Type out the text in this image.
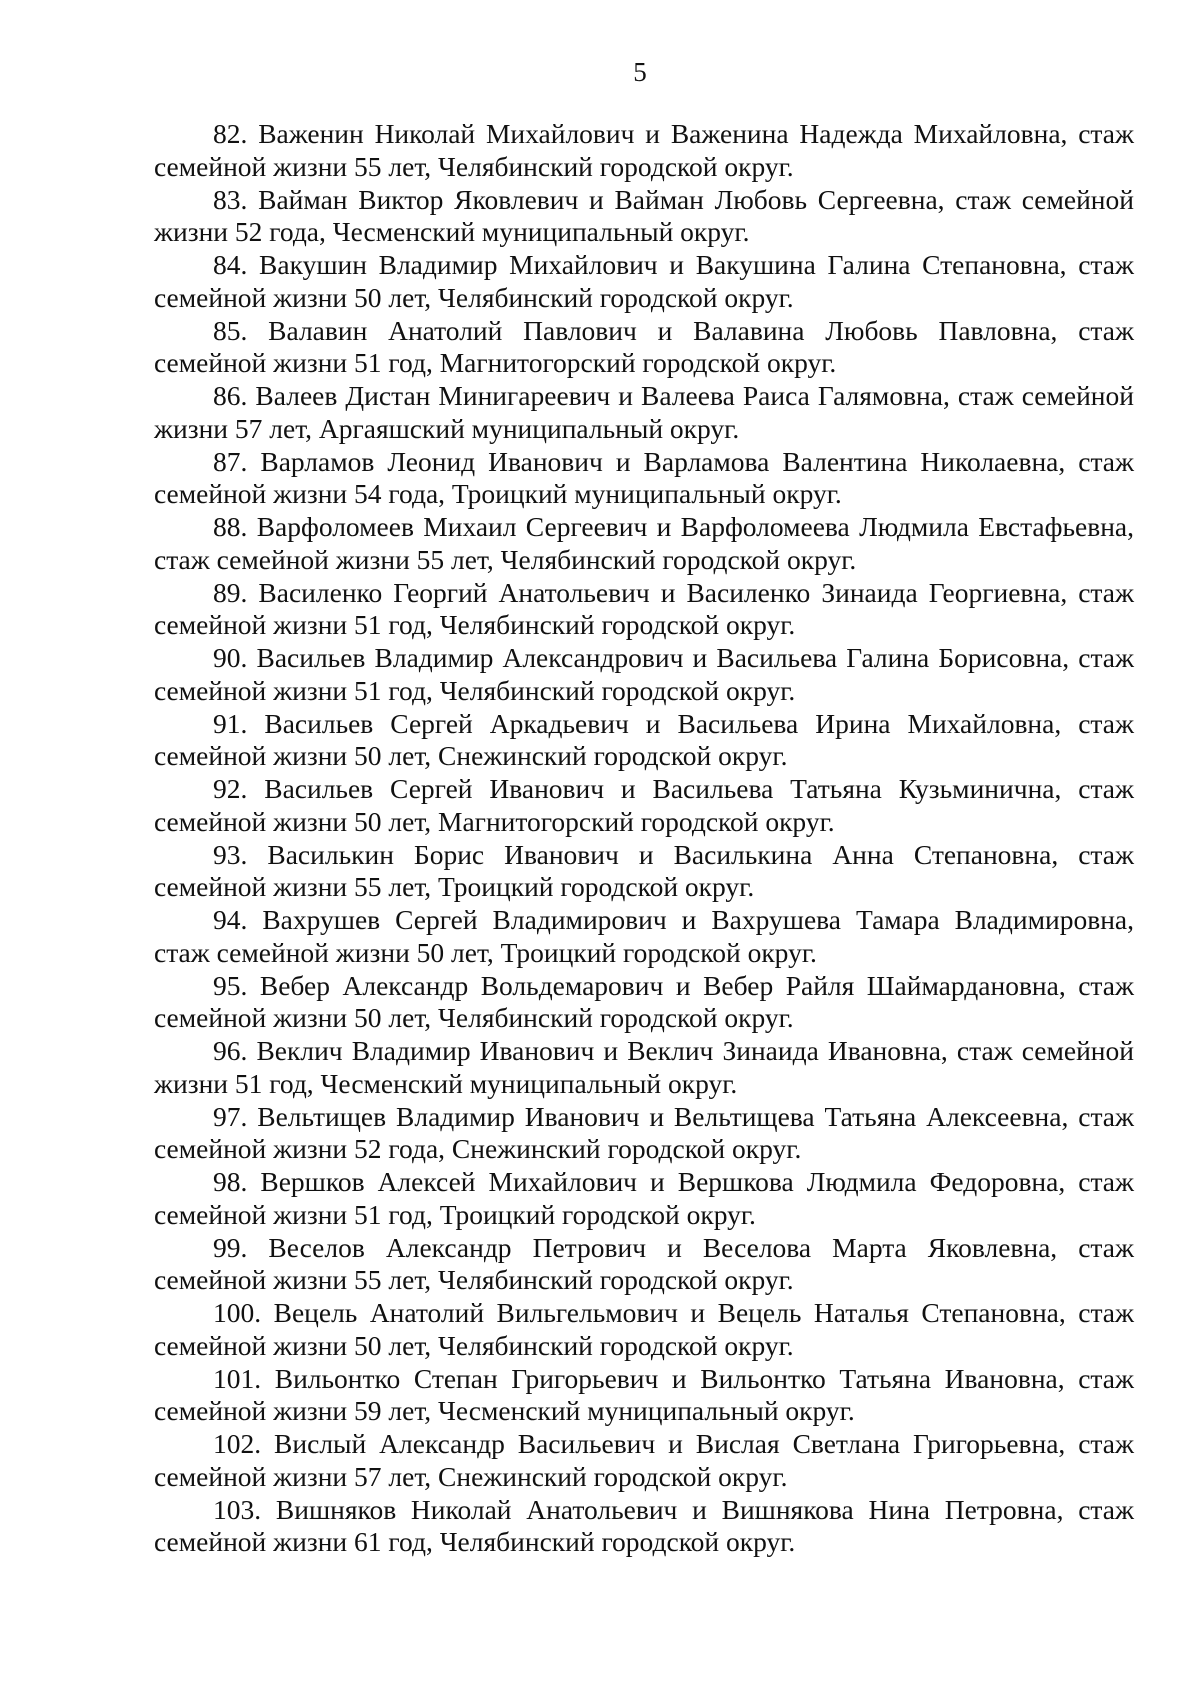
5

82. Важенин Николай Михайлович и Важенина Надежда Михайловна, стаж семейной жизни 55 лет, Челябинский городской округ.

83. Вайман Виктор Яковлевич и Вайман Любовь Сергеевна, стаж семейной жизни 52 года, Чесменский муниципальный округ.

84. Вакушин Владимир Михайлович и Вакушина Галина Степановна, стаж семейной жизни 50 лет, Челябинский городской округ.

85. Валавин Анатолий Павлович и Валавина Любовь Павловна, стаж семейной жизни 51 год, Магнитогорский городской округ.

86. Валеев Дистан Минигареевич и Валеева Раиса Галямовна, стаж семейной жизни 57 лет, Аргаяшский муниципальный округ.

87. Варламов Леонид Иванович и Варламова Валентина Николаевна, стаж семейной жизни 54 года, Троицкий муниципальный округ.

88. Варфоломеев Михаил Сергеевич и Варфоломеева Людмила Евстафьевна, стаж семейной жизни 55 лет, Челябинский городской округ.

89. Василенко Георгий Анатольевич и Василенко Зинаида Георгиевна, стаж семейной жизни 51 год, Челябинский городской округ.

90. Васильев Владимир Александрович и Васильева Галина Борисовна, стаж семейной жизни 51 год, Челябинский городской округ.

91. Васильев Сергей Аркадьевич и Васильева Ирина Михайловна, стаж семейной жизни 50 лет, Снежинский городской округ.

92. Васильев Сергей Иванович и Васильева Татьяна Кузьминична, стаж семейной жизни 50 лет, Магнитогорский городской округ.

93. Василькин Борис Иванович и Василькина Анна Степановна, стаж семейной жизни 55 лет, Троицкий городской округ.

94. Вахрушев Сергей Владимирович и Вахрушева Тамара Владимировна, стаж семейной жизни 50 лет, Троицкий городской округ.

95. Вебер Александр Вольдемарович и Вебер Райля Шаймардановна, стаж семейной жизни 50 лет, Челябинский городской округ.

96. Веклич Владимир Иванович и Веклич Зинаида Ивановна, стаж семейной жизни 51 год, Чесменский муниципальный округ.

97. Вельтищев Владимир Иванович и Вельтищева Татьяна Алексеевна, стаж семейной жизни 52 года, Снежинский городской округ.

98. Вершков Алексей Михайлович и Вершкова Людмила Федоровна, стаж семейной жизни 51 год, Троицкий городской округ.

99. Веселов Александр Петрович и Веселова Марта Яковлевна, стаж семейной жизни 55 лет, Челябинский городской округ.

100. Вецель Анатолий Вильгельмович и Вецель Наталья Степановна, стаж семейной жизни 50 лет, Челябинский городской округ.

101. Вильонтко Степан Григорьевич и Вильонтко Татьяна Ивановна, стаж семейной жизни 59 лет, Чесменский муниципальный округ.

102. Вислый Александр Васильевич и Вислая Светлана Григорьевна, стаж семейной жизни 57 лет, Снежинский городской округ.

103. Вишняков Николай Анатольевич и Вишнякова Нина Петровна, стаж семейной жизни 61 год, Челябинский городской округ.
